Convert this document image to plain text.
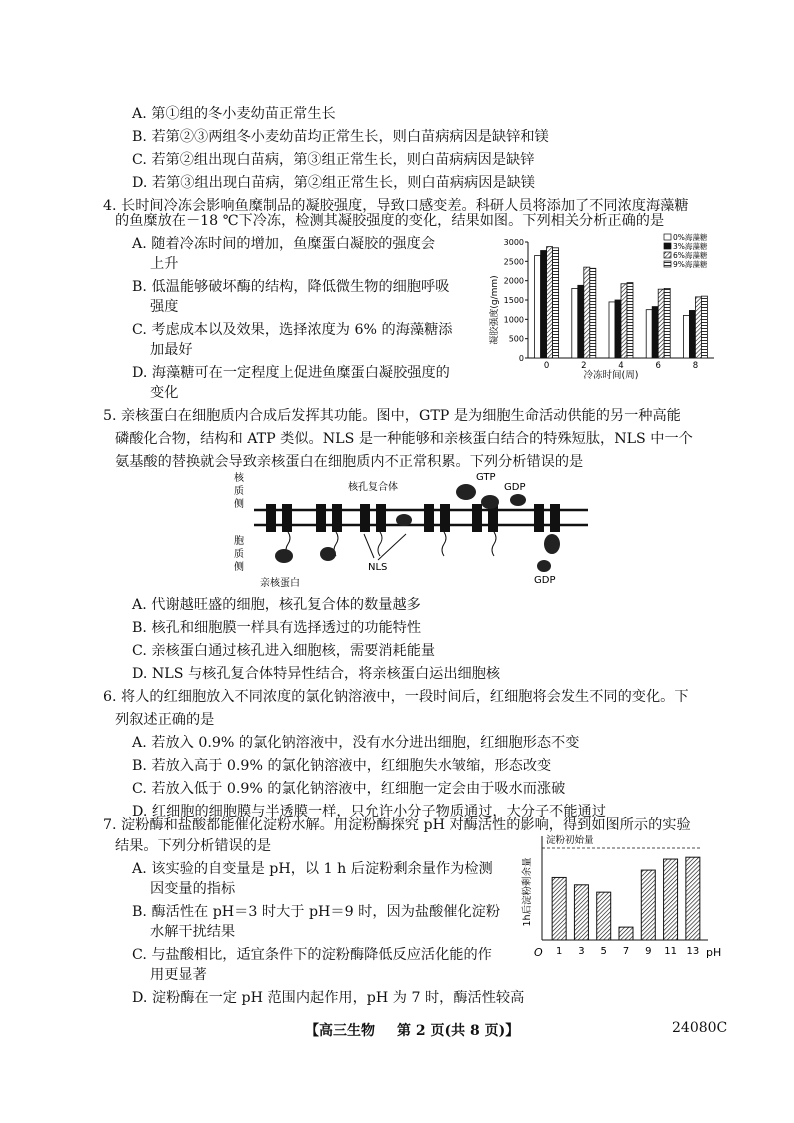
A. 第①组的冬小麦幼苗正常生长
B. 若第②③两组冬小麦幼苗均正常生长，则白苗病病因是缺锌和镁
C. 若第②组出现白苗病，第③组正常生长，则白苗病病因是缺锌
D. 若第③组出现白苗病，第②组正常生长，则白苗病病因是缺镁
4. 长时间冷冻会影响鱼糜制品的凝胶强度，导致口感变差。科研人员将添加了不同浓度海藻糖
的鱼糜放在－18 ℃下冷冻，检测其凝胶强度的变化，结果如图。下列相关分析正确的是
A. 随着冷冻时间的增加，鱼糜蛋白凝胶的强度会
上升
B. 低温能够破坏酶的结构，降低微生物的细胞呼吸
强度
C. 考虑成本以及效果，选择浓度为 6% 的海藻糖添
加最好
D. 海藻糖可在一定程度上促进鱼糜蛋白凝胶强度的
变化
0
500
1000
1500
2000
2500
3000
0	2	4	6	8
0%海藻糖
3%海藻糖
6%海藻糖
9%海藻糖
凝胶强度(g/mm)
冷冻时间(周)
5. 亲核蛋白在细胞质内合成后发挥其功能。图中，GTP 是为细胞生命活动供能的另一种高能
磷酸化合物，结构和 ATP 类似。NLS 是一种能够和亲核蛋白结合的特殊短肽，NLS 中一个
氨基酸的替换就会导致亲核蛋白在细胞质内不正常积累。下列分析错误的是
核
质
侧
胞
质
侧
核孔复合体
GTP
GDP
GDP
NLS
亲核蛋白
A. 代谢越旺盛的细胞，核孔复合体的数量越多
B. 核孔和细胞膜一样具有选择透过的功能特性
C. 亲核蛋白通过核孔进入细胞核，需要消耗能量
D. NLS 与核孔复合体特异性结合，将亲核蛋白运出细胞核
6. 将人的红细胞放入不同浓度的氯化钠溶液中，一段时间后，红细胞将会发生不同的变化。下
列叙述正确的是
A. 若放入 0.9% 的氯化钠溶液中，没有水分进出细胞，红细胞形态不变
B. 若放入高于 0.9% 的氯化钠溶液中，红细胞失水皱缩，形态改变
C. 若放入低于 0.9% 的氯化钠溶液中，红细胞一定会由于吸水而涨破
D. 红细胞的细胞膜与半透膜一样，只允许小分子物质通过，大分子不能通过
7. 淀粉酶和盐酸都能催化淀粉水解。用淀粉酶探究 pH 对酶活性的影响，得到如图所示的实验
结果。下列分析错误的是
A. 该实验的自变量是 pH，以 1 h 后淀粉剩余量作为检测
因变量的指标
B. 酶活性在 pH＝3 时大于 pH＝9 时，因为盐酸催化淀粉
水解干扰结果
C. 与盐酸相比，适宜条件下的淀粉酶降低反应活化能的作
用更显著
D. 淀粉酶在一定 pH 范围内起作用，pH 为 7 时，酶活性较高
1 3 5 7 9 11 13
1h后淀粉剩余量
淀粉初始量
O	pH
【高三生物 第 2 页(共 8 页)】	24080C
